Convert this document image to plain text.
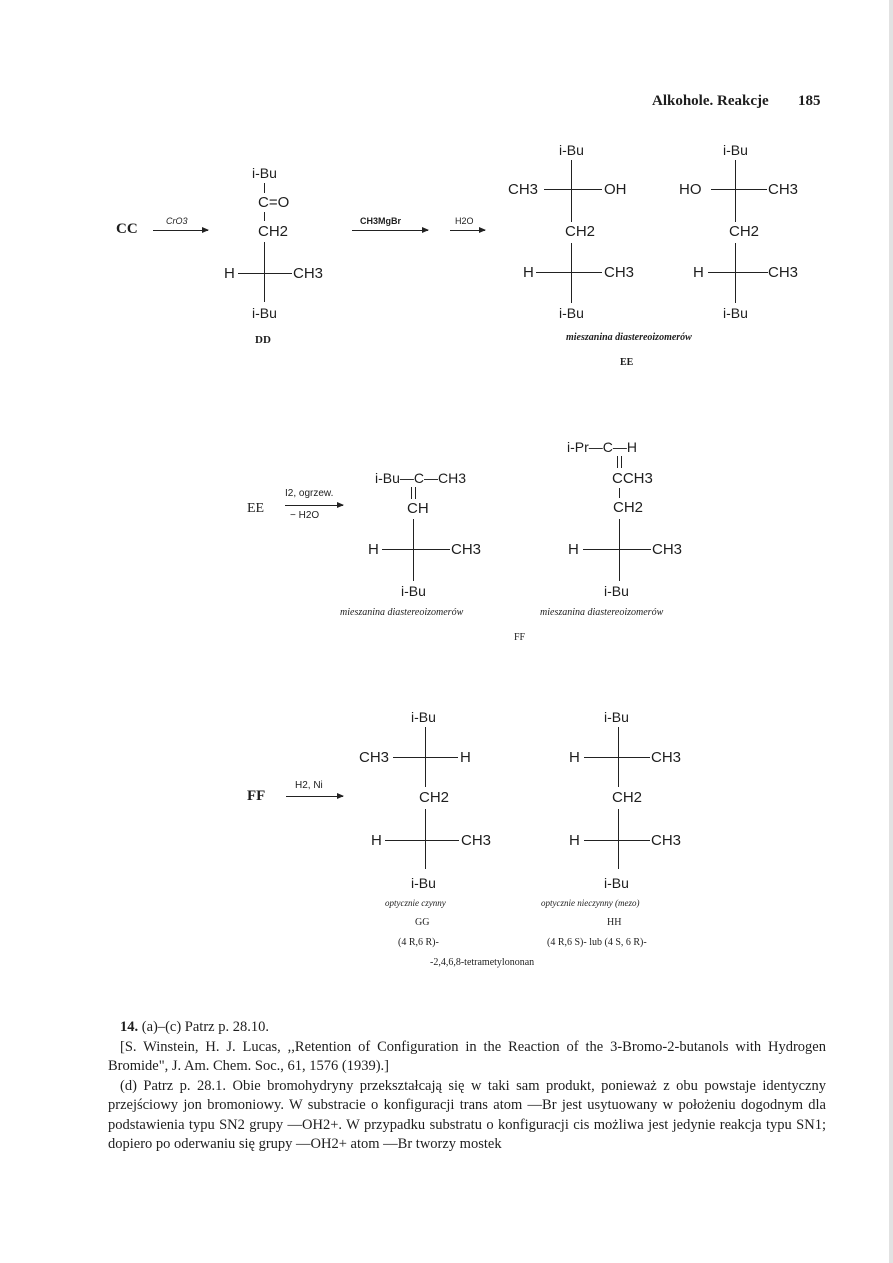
Alkohole. Reakcje 185
CC	CrO3
i-Bu
C=O
CH2
H	CH3
i-Bu
DD
CH3MgBr	H2O
i-Bu
CH3	OH
CH2
H	CH3
i-Bu
i-Bu
HO	CH3
CH2
H	CH3
i-Bu
mieszanina diastereoizomerów
EE
EE
I2, ogrzew.
− H2O
i-Bu—C—CH3
CH
H	CH3
i-Bu
mieszanina diastereoizomerów
i-Pr—C—H
CCH3
CH2
H	CH3
i-Bu
mieszanina diastereoizomerów
FF
FF
H2, Ni
i-Bu
CH3	H
CH2
H	CH3
i-Bu
optycznie czynny
GG
(4 R,6 R)-
i-Bu
H	CH3
CH2
H	CH3
i-Bu
optycznie nieczynny (mezo)
HH
(4 R,6 S)- lub (4 S, 6 R)-
-2,4,6,8-tetrametylononan

14. (a)–(c) Patrz p. 28.10.

[S. Winstein, H. J. Lucas, ,,Retention of Configuration in the Reaction of the 3-Bromo-2-butanols with Hydrogen Bromide", J. Am. Chem. Soc., 61, 1576 (1939).]

(d) Patrz p. 28.1. Obie bromohydryny przekształcają się w taki sam produkt, ponieważ z obu powstaje identyczny przejściowy jon bromoniowy. W substracie o konfiguracji trans atom —Br jest usytuowany w położeniu dogodnym dla podstawienia typu SN2 grupy —OH2+. W przypadku substratu o konfiguracji cis możliwa jest jedynie reakcja typu SN1; dopiero po oderwaniu się grupy —OH2+ atom —Br tworzy mostek
